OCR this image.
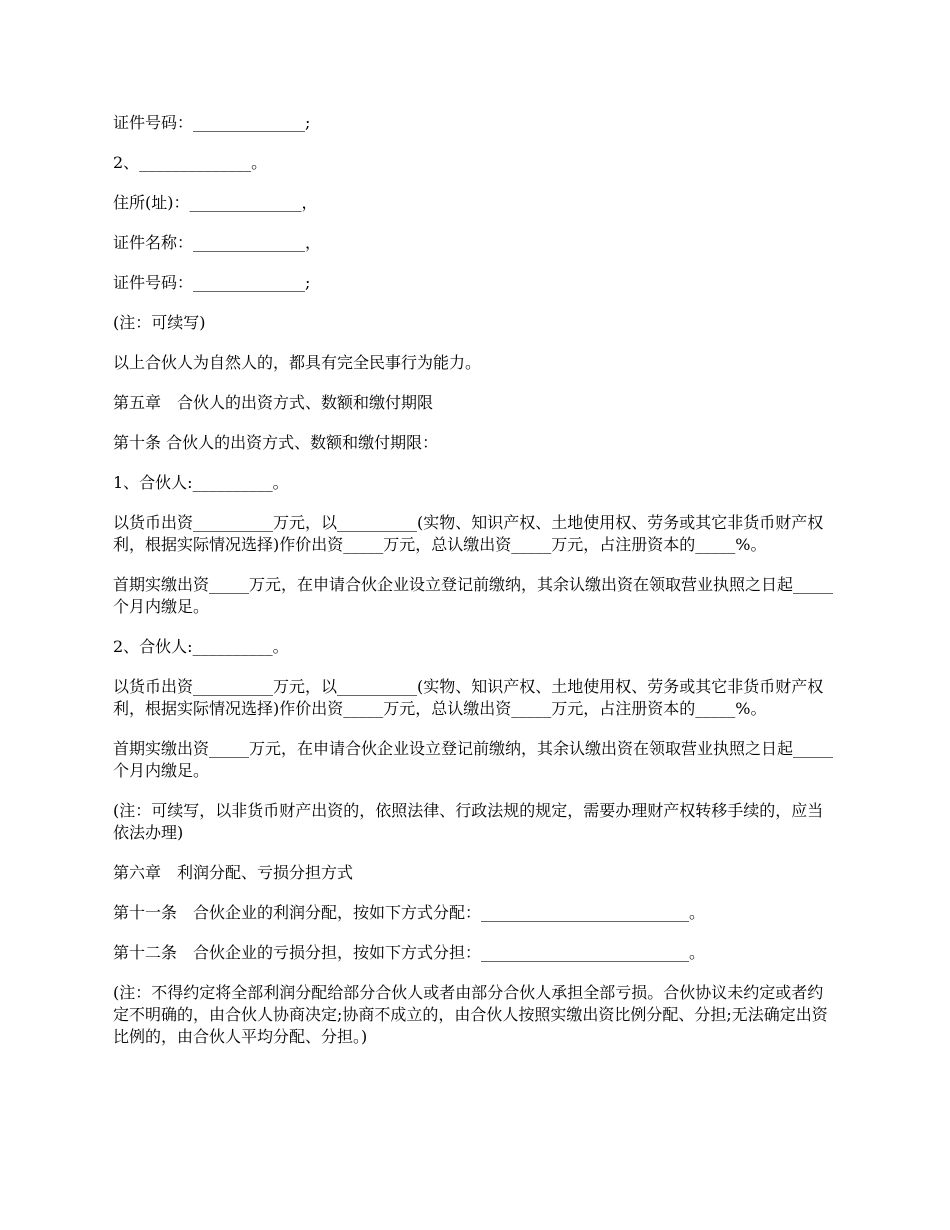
证件号码：______________;

2、______________。

住所(址)：______________，

证件名称：______________，

证件号码：______________;

(注：可续写)

以上合伙人为自然人的，都具有完全民事行为能力。

第五章　合伙人的出资方式、数额和缴付期限

第十条 合伙人的出资方式、数额和缴付期限：

1、合伙人:__________。

以货币出资__________万元，以__________(实物、知识产权、土地使用权、劳务或其它非货币财产权利，根据实际情况选择)作价出资_____万元，总认缴出资_____万元，占注册资本的_____%。

首期实缴出资_____万元，在申请合伙企业设立登记前缴纳，其余认缴出资在领取营业执照之日起_____个月内缴足。

2、合伙人:__________。

以货币出资__________万元，以__________(实物、知识产权、土地使用权、劳务或其它非货币财产权利，根据实际情况选择)作价出资_____万元，总认缴出资_____万元，占注册资本的_____%。

首期实缴出资_____万元，在申请合伙企业设立登记前缴纳，其余认缴出资在领取营业执照之日起_____个月内缴足。

(注：可续写，以非货币财产出资的，依照法律、行政法规的规定，需要办理财产权转移手续的，应当依法办理)

第六章　利润分配、亏损分担方式

第十一条　合伙企业的利润分配，按如下方式分配：__________________________。

第十二条　合伙企业的亏损分担，按如下方式分担：__________________________。

(注：不得约定将全部利润分配给部分合伙人或者由部分合伙人承担全部亏损。合伙协议未约定或者约定不明确的，由合伙人协商决定;协商不成立的，由合伙人按照实缴出资比例分配、分担;无法确定出资比例的，由合伙人平均分配、分担。)
